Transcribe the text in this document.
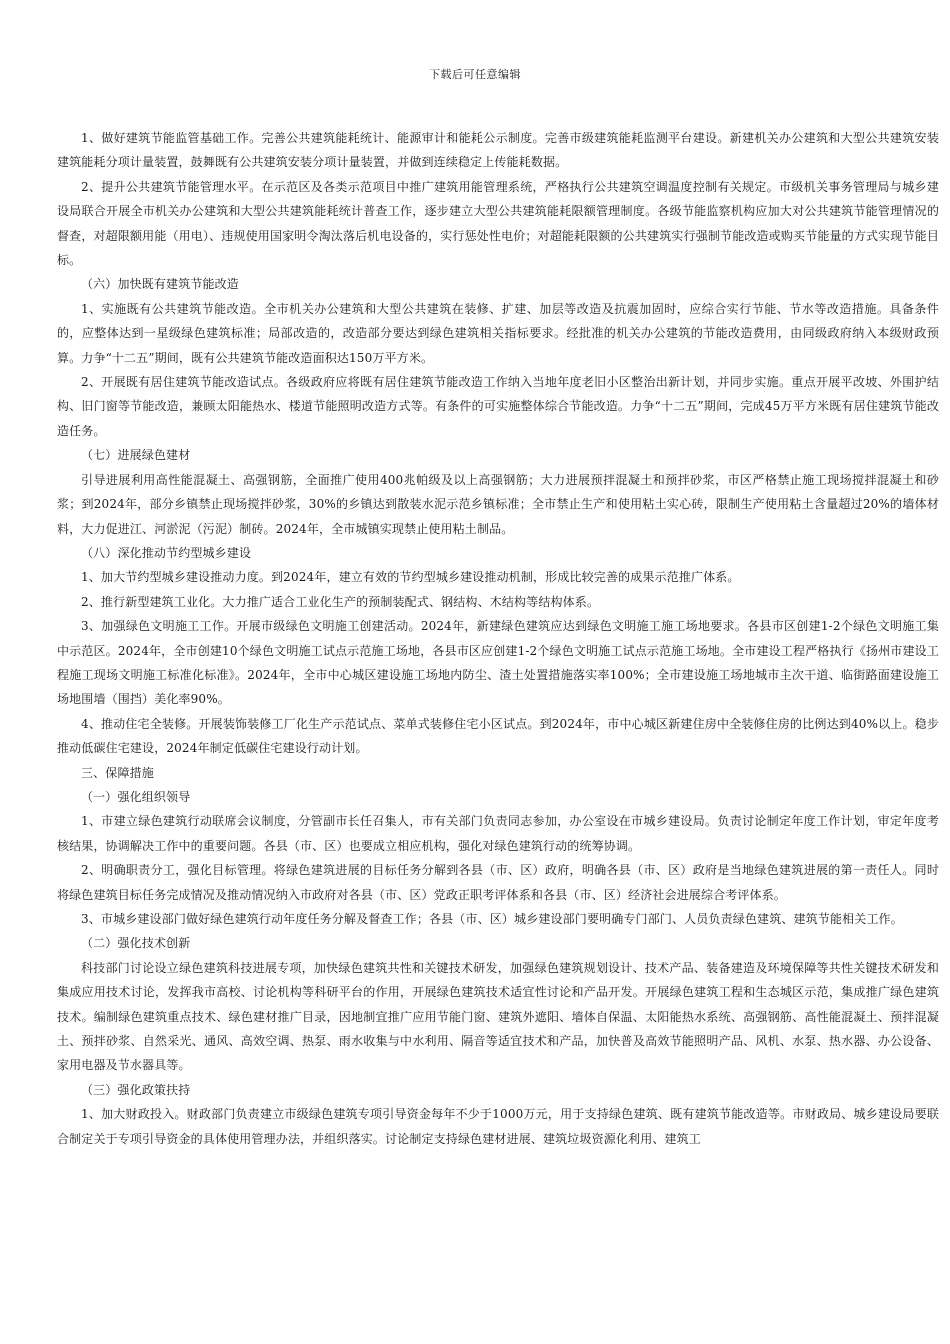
下载后可任意编辑

1、做好建筑节能监管基础工作。完善公共建筑能耗统计、能源审计和能耗公示制度。完善市级建筑能耗监测平台建设。新建机关办公建筑和大型公共建筑安装建筑能耗分项计量装置，鼓舞既有公共建筑安装分项计量装置，并做到连续稳定上传能耗数据。

2、提升公共建筑节能管理水平。在示范区及各类示范项目中推广建筑用能管理系统，严格执行公共建筑空调温度控制有关规定。市级机关事务管理局与城乡建设局联合开展全市机关办公建筑和大型公共建筑能耗统计普查工作，逐步建立大型公共建筑能耗限额管理制度。各级节能监察机构应加大对公共建筑节能管理情况的督查，对超限额用能（用电）、违规使用国家明令淘汰落后机电设备的，实行惩处性电价；对超能耗限额的公共建筑实行强制节能改造或购买节能量的方式实现节能目标。

（六）加快既有建筑节能改造

1、实施既有公共建筑节能改造。全市机关办公建筑和大型公共建筑在装修、扩建、加层等改造及抗震加固时，应综合实行节能、节水等改造措施。具备条件的，应整体达到一星级绿色建筑标准；局部改造的，改造部分要达到绿色建筑相关指标要求。经批准的机关办公建筑的节能改造费用，由同级政府纳入本级财政预算。力争“十二五”期间，既有公共建筑节能改造面积达150万平方米。

2、开展既有居住建筑节能改造试点。各级政府应将既有居住建筑节能改造工作纳入当地年度老旧小区整治出新计划，并同步实施。重点开展平改坡、外围护结构、旧门窗等节能改造，兼顾太阳能热水、楼道节能照明改造方式等。有条件的可实施整体综合节能改造。力争“十二五”期间，完成45万平方米既有居住建筑节能改造任务。

（七）进展绿色建材

引导进展利用高性能混凝土、高强钢筋，全面推广使用400兆帕级及以上高强钢筋；大力进展预拌混凝土和预拌砂浆，市区严格禁止施工现场搅拌混凝土和砂浆；到2024年，部分乡镇禁止现场搅拌砂浆，30%的乡镇达到散装水泥示范乡镇标准；全市禁止生产和使用粘土实心砖，限制生产使用粘土含量超过20%的墙体材料，大力促进江、河淤泥（污泥）制砖。2024年，全市城镇实现禁止使用粘土制品。

（八）深化推动节约型城乡建设

1、加大节约型城乡建设推动力度。到2024年，建立有效的节约型城乡建设推动机制，形成比较完善的成果示范推广体系。

2、推行新型建筑工业化。大力推广适合工业化生产的预制装配式、钢结构、木结构等结构体系。

3、加强绿色文明施工工作。开展市级绿色文明施工创建活动。2024年，新建绿色建筑应达到绿色文明施工施工场地要求。各县市区创建1-2个绿色文明施工集中示范区。2024年，全市创建10个绿色文明施工试点示范施工场地，各县市区应创建1-2个绿色文明施工试点示范施工场地。全市建设工程严格执行《扬州市建设工程施工现场文明施工标准化标准》。2024年，全市中心城区建设施工场地内防尘、渣土处置措施落实率100%；全市建设施工场地城市主次干道、临街路面建设施工场地围墙（围挡）美化率90%。

4、推动住宅全装修。开展装饰装修工厂化生产示范试点、菜单式装修住宅小区试点。到2024年，市中心城区新建住房中全装修住房的比例达到40%以上。稳步推动低碳住宅建设，2024年制定低碳住宅建设行动计划。

三、保障措施

（一）强化组织领导

1、市建立绿色建筑行动联席会议制度，分管副市长任召集人，市有关部门负责同志参加，办公室设在市城乡建设局。负责讨论制定年度工作计划，审定年度考核结果，协调解决工作中的重要问题。各县（市、区）也要成立相应机构，强化对绿色建筑行动的统筹协调。

2、明确职责分工，强化目标管理。将绿色建筑进展的目标任务分解到各县（市、区）政府，明确各县（市、区）政府是当地绿色建筑进展的第一责任人。同时将绿色建筑目标任务完成情况及推动情况纳入市政府对各县（市、区）党政正职考评体系和各县（市、区）经济社会进展综合考评体系。

3、市城乡建设部门做好绿色建筑行动年度任务分解及督查工作；各县（市、区）城乡建设部门要明确专门部门、人员负责绿色建筑、建筑节能相关工作。

（二）强化技术创新

科技部门讨论设立绿色建筑科技进展专项，加快绿色建筑共性和关键技术研发，加强绿色建筑规划设计、技术产品、装备建造及环境保障等共性关键技术研发和集成应用技术讨论，发挥我市高校、讨论机构等科研平台的作用，开展绿色建筑技术适宜性讨论和产品开发。开展绿色建筑工程和生态城区示范，集成推广绿色建筑技术。编制绿色建筑重点技术、绿色建材推广目录，因地制宜推广应用节能门窗、建筑外遮阳、墙体自保温、太阳能热水系统、高强钢筋、高性能混凝土、预拌混凝土、预拌砂浆、自然采光、通风、高效空调、热泵、雨水收集与中水利用、隔音等适宜技术和产品，加快普及高效节能照明产品、风机、水泵、热水器、办公设备、家用电器及节水器具等。

（三）强化政策扶持

1、加大财政投入。财政部门负责建立市级绿色建筑专项引导资金每年不少于1000万元，用于支持绿色建筑、既有建筑节能改造等。市财政局、城乡建设局要联合制定关于专项引导资金的具体使用管理办法，并组织落实。讨论制定支持绿色建材进展、建筑垃圾资源化利用、建筑工
